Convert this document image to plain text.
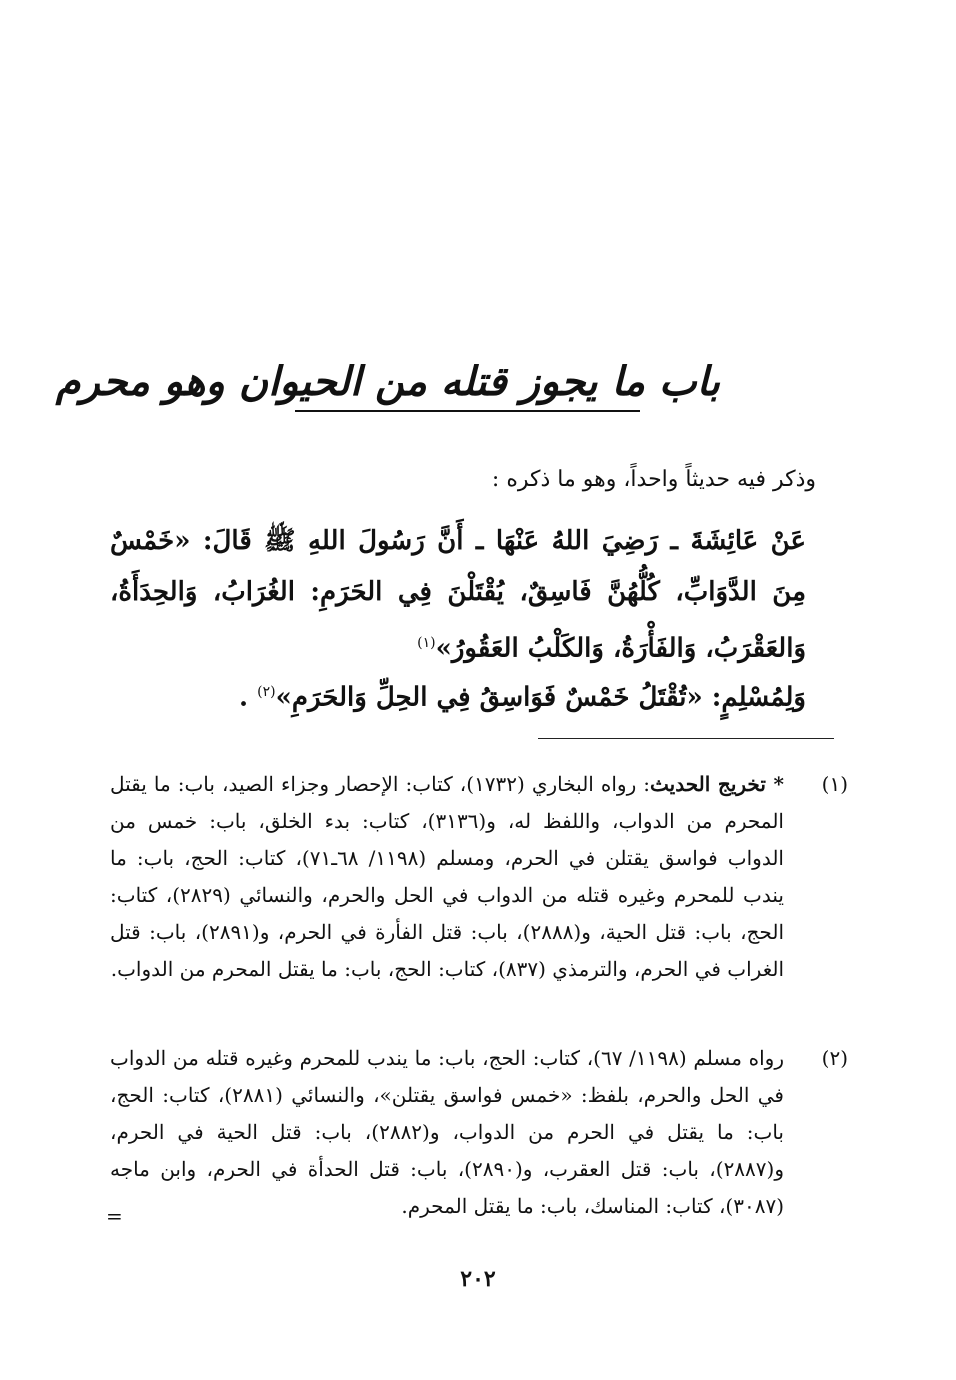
باب ما يجوز قتله من الحيوان وهو محرم
وذكر فيه حديثاً واحداً، وهو ما ذكره :
عَنْ عَائِشَةَ ـ رَضِيَ اللهُ عَنْهَا ـ أَنَّ رَسُولَ اللهِ ﷺ قَالَ: «خَمْسٌ مِنَ الدَّوَابِّ، كُلُّهُنَّ فَاسِقٌ، يُقْتَلْنَ فِي الحَرَمِ: الغُرَابُ، وَالحِدَأَةُ، وَالعَقْرَبُ، وَالفَأْرَةُ، وَالكَلْبُ العَقُورُ»$^{(١)}$
وَلِمُسْلِمٍ: «تُقْتَلُ خَمْسٌ فَوَاسِقُ فِي الحِلِّ وَالحَرَمِ»$^{(٢)}$ .
(١)
* تخريج الحديث: رواه البخاري (١٧٣٢)، كتاب: الإحصار وجزاء الصيد، باب: ما يقتل المحرم من الدواب، واللفظ له، و(٣١٣٦)، كتاب: بدء الخلق، باب: خمس من الدواب فواسق يقتلن في الحرم، ومسلم (١١٩٨/ ٦٨ـ٧١)، كتاب: الحج، باب: ما يندب للمحرم وغيره قتله من الدواب في الحل والحرم، والنسائي (٢٨٢٩)، كتاب: الحج، باب: قتل الحية، و(٢٨٨٨)، باب: قتل الفأرة في الحرم، و(٢٨٩١)، باب: قتل الغراب في الحرم، والترمذي (٨٣٧)، كتاب: الحج، باب: ما يقتل المحرم من الدواب.
(٢)
رواه مسلم (١١٩٨/ ٦٧)، كتاب: الحج، باب: ما يندب للمحرم وغيره قتله من الدواب في الحل والحرم، بلفظ: «خمس فواسق يقتلن»، والنسائي (٢٨٨١)، كتاب: الحج، باب: ما يقتل في الحرم من الدواب، و(٢٨٨٢)، باب: قتل الحية في الحرم، و(٢٨٨٧)، باب: قتل العقرب، و(٢٨٩٠)، باب: قتل الحدأة في الحرم، وابن ماجه (٣٠٨٧)، كتاب: المناسك، باب: ما يقتل المحرم.
=
٢٠٢
